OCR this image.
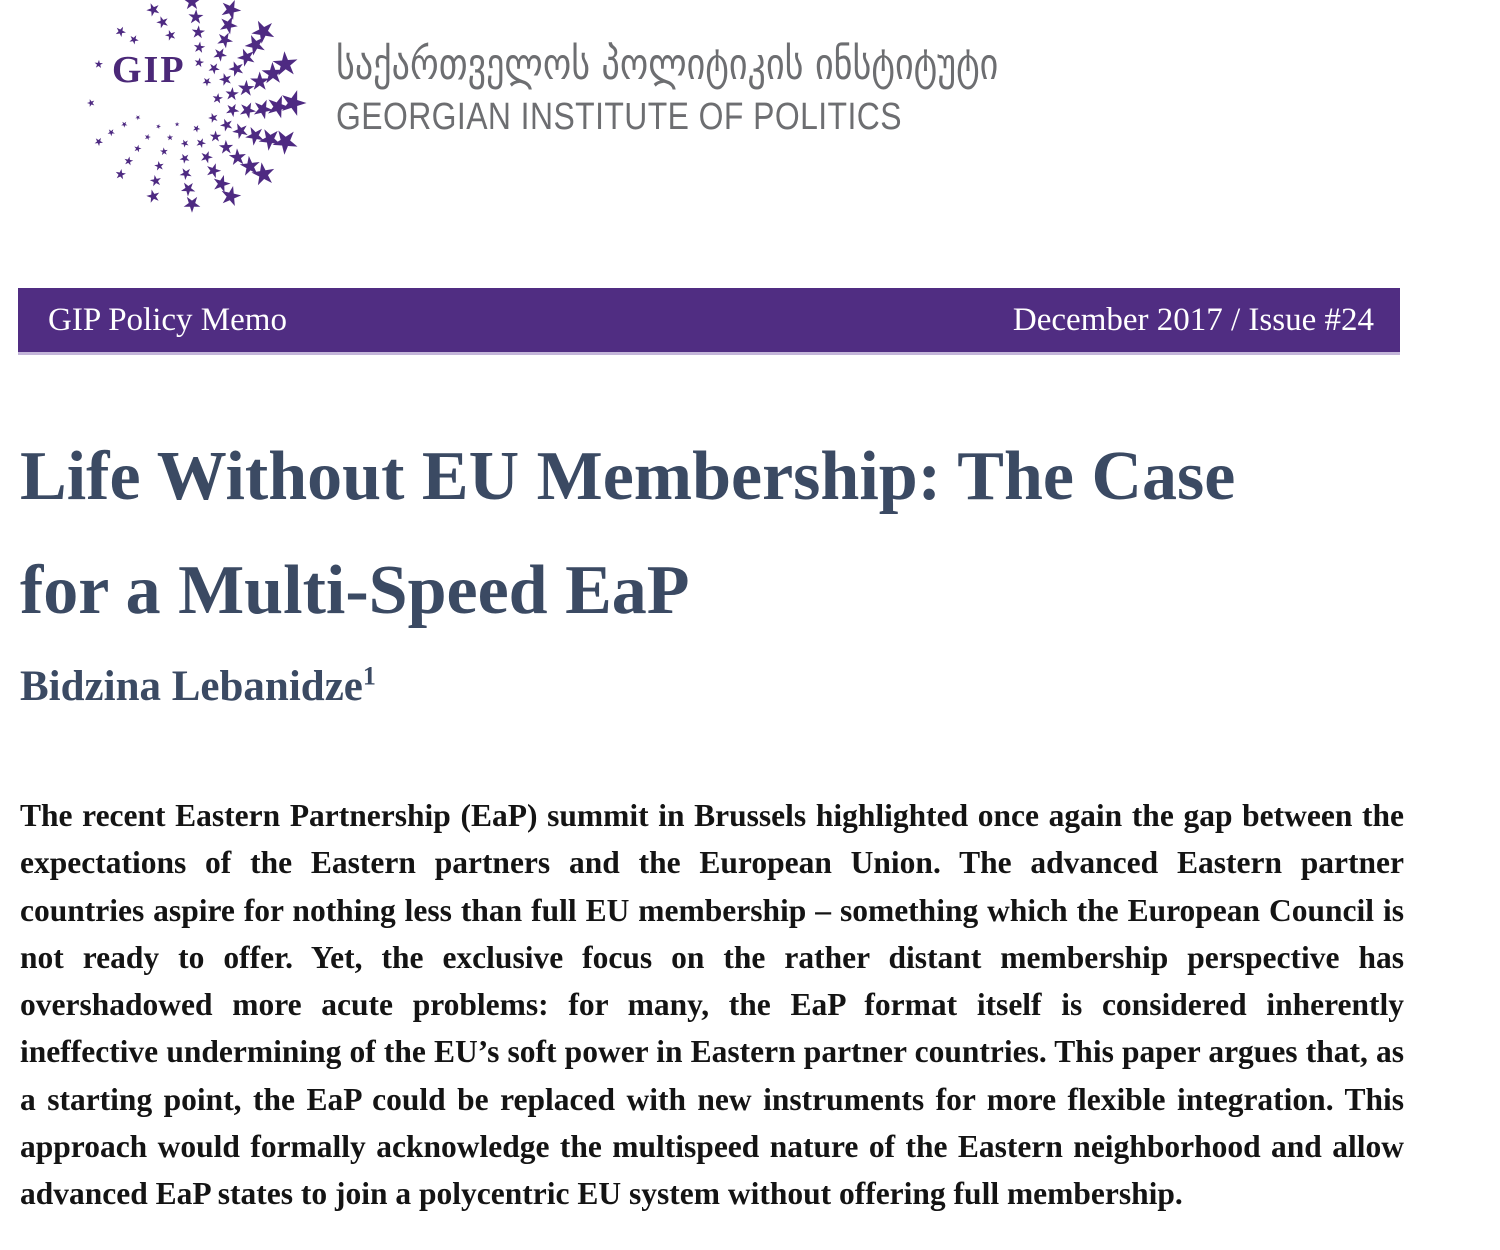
GIP	საქართველოს პოლიტიკის ინსტიტუტი
GEORGIAN INSTITUTE OF POLITICS
GIP Policy Memo	December 2017 / Issue #24
Life Without EU Membership: The Case
for a Multi-Speed EaP
Bidzina Lebanidze$^1$

The recent Eastern Partnership (EaP) summit in Brussels highlighted once again the gap between the expectations of the Eastern partners and the European Union. The advanced Eastern partner countries aspire for nothing less than full EU membership – something which the European Council is not ready to offer. Yet, the exclusive focus on the rather distant membership perspective has overshadowed more acute problems: for many, the EaP format itself is considered inherently ineffective undermining of the EU’s soft power in Eastern partner countries. This paper argues that, as a starting point, the EaP could be replaced with new instruments for more flexible integration. This approach would formally acknowledge the multispeed nature of the Eastern neighborhood and allow advanced EaP states to join a polycentric EU system without offering full membership.
